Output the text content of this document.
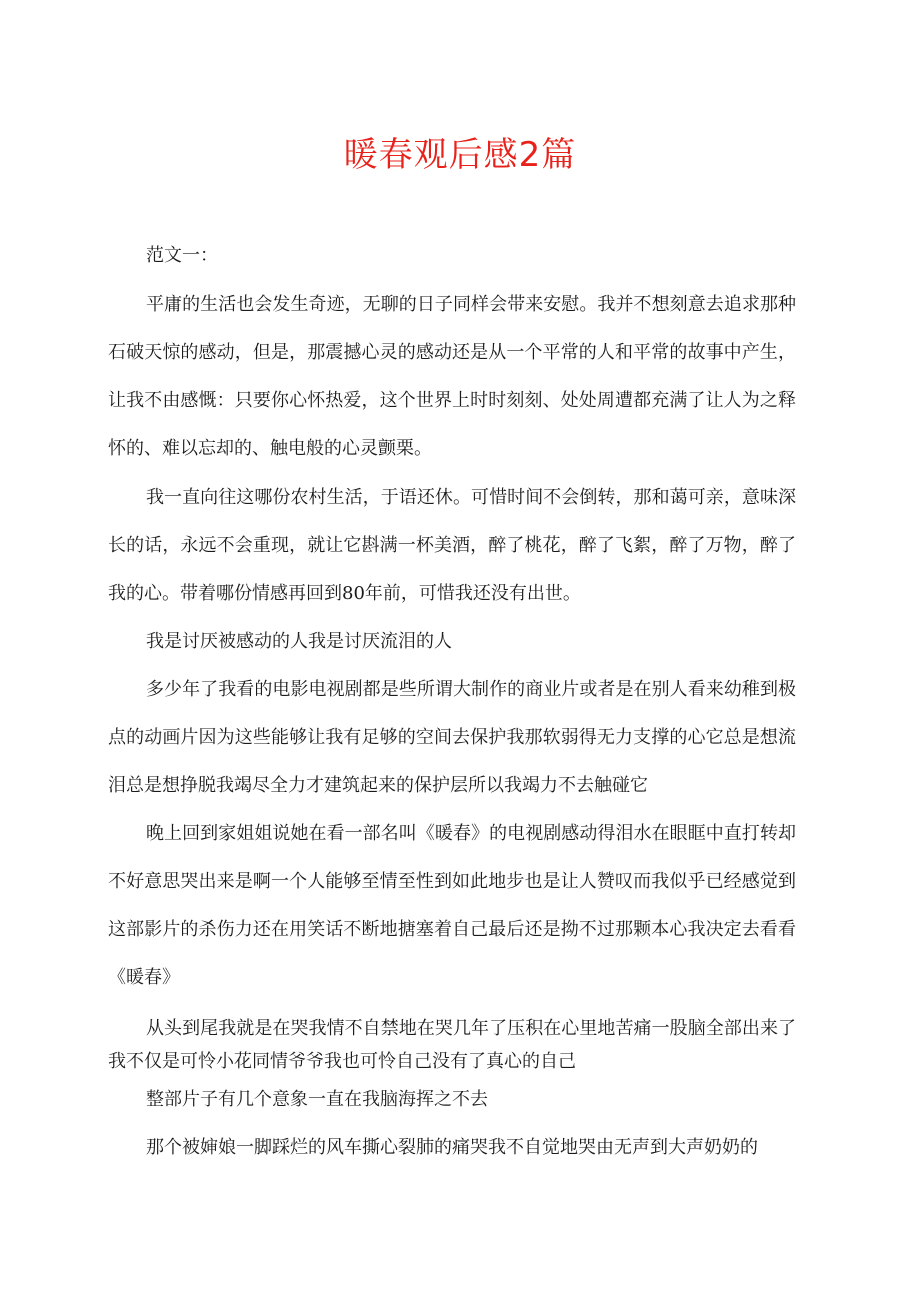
暖春观后感2篇

范文一：

平庸的生活也会发生奇迹，无聊的日子同样会带来安慰。我并不想刻意去追求那种石破天惊的感动，但是，那震撼心灵的感动还是从一个平常的人和平常的故事中产生，让我不由感慨：只要你心怀热爱，这个世界上时时刻刻、处处周遭都充满了让人为之释怀的、难以忘却的、触电般的心灵颤栗。

我一直向往这哪份农村生活，于语还休。可惜时间不会倒转，那和蔼可亲，意味深长的话，永远不会重现，就让它斟满一杯美酒，醉了桃花，醉了飞絮，醉了万物，醉了我的心。带着哪份情感再回到80年前，可惜我还没有出世。

我是讨厌被感动的人我是讨厌流泪的人

多少年了我看的电影电视剧都是些所谓大制作的商业片或者是在别人看来幼稚到极点的动画片因为这些能够让我有足够的空间去保护我那软弱得无力支撑的心它总是想流泪总是想挣脱我竭尽全力才建筑起来的保护层所以我竭力不去触碰它

晚上回到家姐姐说她在看一部名叫《暖春》的电视剧感动得泪水在眼眶中直打转却不好意思哭出来是啊一个人能够至情至性到如此地步也是让人赞叹而我似乎已经感觉到这部影片的杀伤力还在用笑话不断地搪塞着自己最后还是拗不过那颗本心我决定去看看《暖春》

从头到尾我就是在哭我情不自禁地在哭几年了压积在心里地苦痛一股脑全部出来了我不仅是可怜小花同情爷爷我也可怜自己没有了真心的自己

整部片子有几个意象一直在我脑海挥之不去

那个被婶娘一脚踩烂的风车撕心裂肺的痛哭我不自觉地哭由无声到大声奶奶的
